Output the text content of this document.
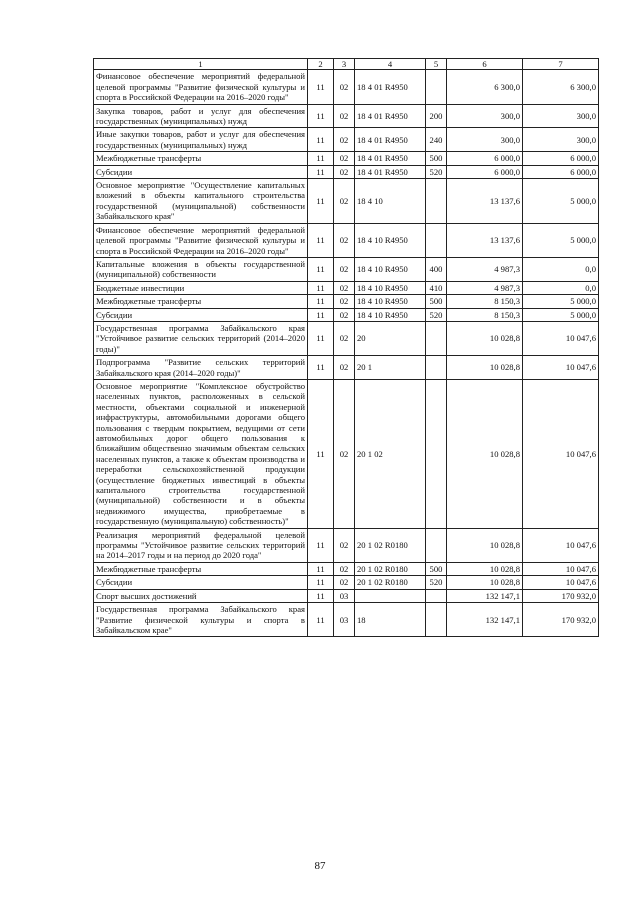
1	2	3	4	5	6	7
Финансовое обеспечение мероприятий федеральной целевой программы "Развитие физической культуры и спорта в Российской Федерации на 2016–2020 годы"	11	02	18 4 01 R4950		6 300,0	6 300,0
Закупка товаров, работ и услуг для обеспечения государственных (муниципальных) нужд	11	02	18 4 01 R4950	200	300,0	300,0
Иные закупки товаров, работ и услуг для обеспечения государственных (муниципальных) нужд	11	02	18 4 01 R4950	240	300,0	300,0
Межбюджетные трансферты	11	02	18 4 01 R4950	500	6 000,0	6 000,0
Субсидии	11	02	18 4 01 R4950	520	6 000,0	6 000,0
Основное мероприятие "Осуществление капитальных вложений в объекты капитального строительства государственной (муниципальной) собственности Забайкальского края"	11	02	18 4 10		13 137,6	5 000,0
Финансовое обеспечение мероприятий федеральной целевой программы "Развитие физической культуры и спорта в Российской Федерации на 2016–2020 годы"	11	02	18 4 10 R4950		13 137,6	5 000,0
Капитальные вложения в объекты государственной (муниципальной) собственности	11	02	18 4 10 R4950	400	4 987,3	0,0
Бюджетные инвестиции	11	02	18 4 10 R4950	410	4 987,3	0,0
Межбюджетные трансферты	11	02	18 4 10 R4950	500	8 150,3	5 000,0
Субсидии	11	02	18 4 10 R4950	520	8 150,3	5 000,0
Государственная программа Забайкальского края "Устойчивое развитие сельских территорий (2014–2020 годы)"	11	02	20		10 028,8	10 047,6
Подпрограмма "Развитие сельских территорий Забайкальского края (2014–2020 годы)"	11	02	20 1		10 028,8	10 047,6
Основное мероприятие "Комплексное обустройство населенных пунктов, расположенных в сельской местности, объектами социальной и инженерной инфраструктуры, автомобильными дорогами общего пользования с твердым покрытием, ведущими от сети автомобильных дорог общего пользования к ближайшим общественно значимым объектам сельских населенных пунктов, а также к объектам производства и переработки сельскохозяйственной продукции (осуществление бюджетных инвестиций в объекты капитального строительства государственной (муниципальной) собственности и в объекты недвижимого имущества, приобретаемые в государственную (муниципальную) собственность)"	11	02	20 1 02		10 028,8	10 047,6
Реализация мероприятий федеральной целевой программы "Устойчивое развитие сельских территорий на 2014–2017 годы и на период до 2020 года"	11	02	20 1 02 R0180		10 028,8	10 047,6
Межбюджетные трансферты	11	02	20 1 02 R0180	500	10 028,8	10 047,6
Субсидии	11	02	20 1 02 R0180	520	10 028,8	10 047,6
Спорт высших достижений	11	03			132 147,1	170 932,0
Государственная программа Забайкальского края "Развитие физической культуры и спорта в Забайкальском крае"	11	03	18		132 147,1	170 932,0
87
